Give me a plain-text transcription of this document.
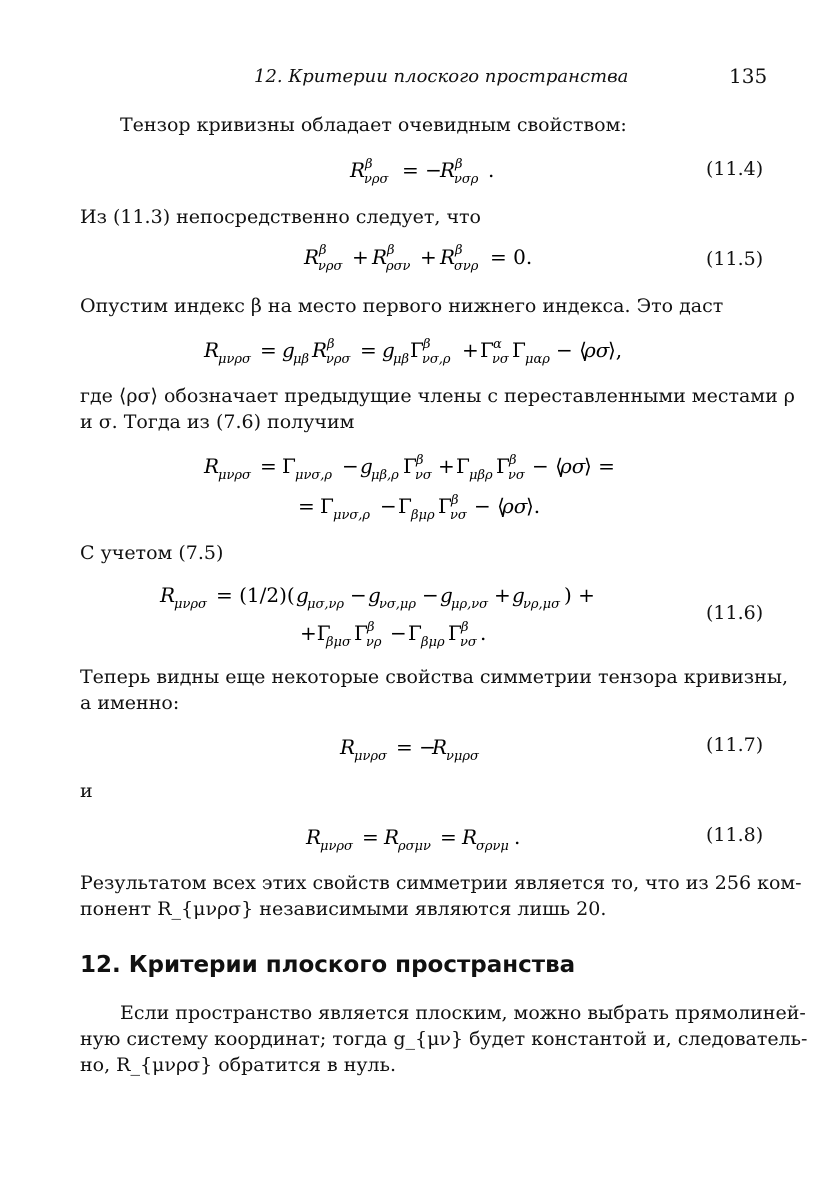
12. Критерии плоского пространства	135
Тензор кривизны обладает очевидным свойством:
R β
νρσ = −
R β
νσρ .	(11.4)
Из (11.3) непосредственно следует, что
R β
νρσ + R β
ρσν + R β
σνρ = 0.	(11.5)
Опустим индекс β на место первого нижнего индекса. Это даст
R
μνρσ = g
μβ R β
νρσ = g
μβ Γ β
νσ,ρ + Γ α
νσ Γ μαρ − ⟨
ρσ
⟩,
где ⟨ρσ⟩ обозначает предыдущие члены с переставленными местами ρ
и σ. Тогда из (7.6) получим
R
μνρσ = Γ μνσ,ρ − g
μβ,ρ Γ β
νσ + Γ μβρ Γ β
νσ − ⟨
ρσ
⟩ =
= Γ μνσ,ρ − Γ βμρ Γ β
νσ − ⟨
ρσ
⟩.
С учетом (7.5)
R
μνρσ = (1/2)( g
μσ,νρ − g
νσ,μρ − g
μρ,νσ + g
νρ,μσ ) +
+Γ
βμσ Γ β
νρ − Γ βμρ Γ β
νσ .
(11.6)
Теперь видны еще некоторые свойства симметрии тензора кривизны,
а именно:
R
μνρσ = −
R
νμρσ
(11.7)
и
R
μνρσ = R
ρσμν = R
σρνμ .	(11.8)
Результатом всех этих свойств симметрии является то, что из 256 ком-
понент R_{μνρσ} независимыми являются лишь 20.
12. Критерии плоского пространства
Если пространство является плоским, можно выбрать прямолиней-
ную систему координат; тогда g_{μν} будет константой и, следователь-
но, R_{μνρσ} обратится в нуль.
